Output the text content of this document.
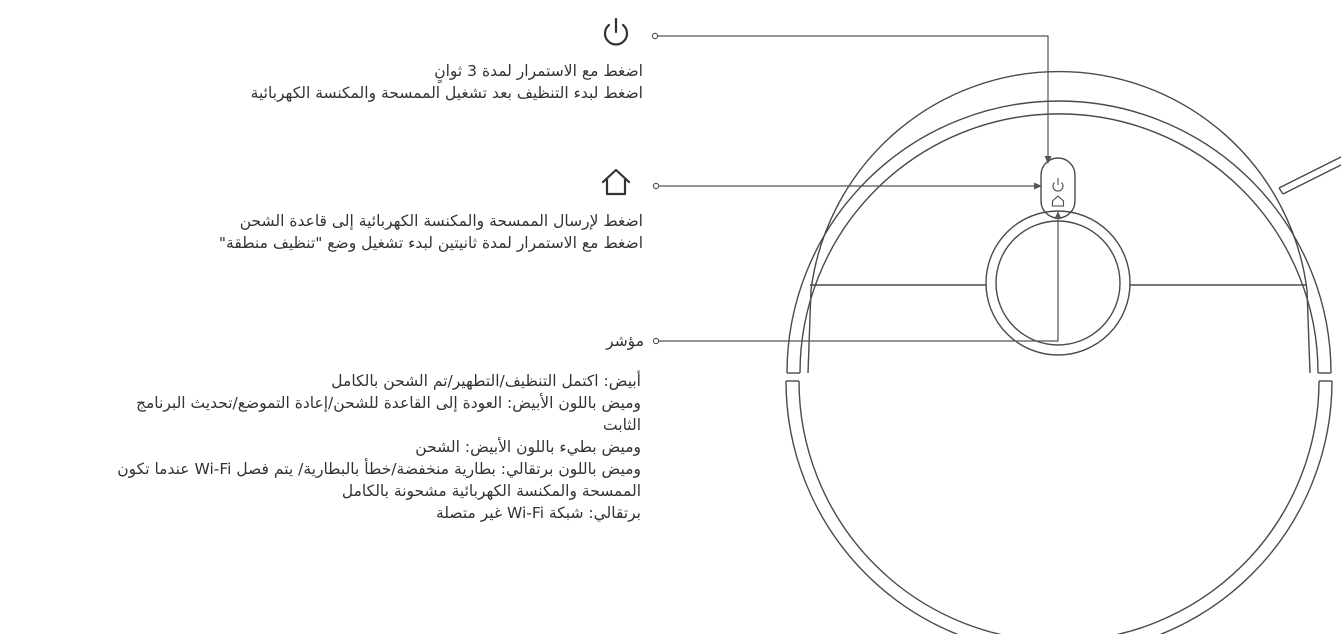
اضغط مع الاستمرار لمدة 3 ثوانٍ
اضغط لبدء التنظيف بعد تشغيل الممسحة والمكنسة الكهربائية
اضغط لإرسال الممسحة والمكنسة الكهربائية إلى قاعدة الشحن
اضغط مع الاستمرار لمدة ثانيتين لبدء تشغيل وضع "تنظيف منطقة"
مؤشر
أبيض: اكتمل التنظيف/التطهير/تم الشحن بالكامل
وميض باللون الأبيض: العودة إلى القاعدة للشحن/إعادة التموضع/تحديث البرنامج
الثابت
وميض بطيء باللون الأبيض: الشحن
وميض باللون برتقالي: بطارية منخفضة/خطأ بالبطارية/ يتم فصل Wi-Fi عندما تكون
الممسحة والمكنسة الكهربائية مشحونة بالكامل
برتقالي: شبكة Wi-Fi غير متصلة
